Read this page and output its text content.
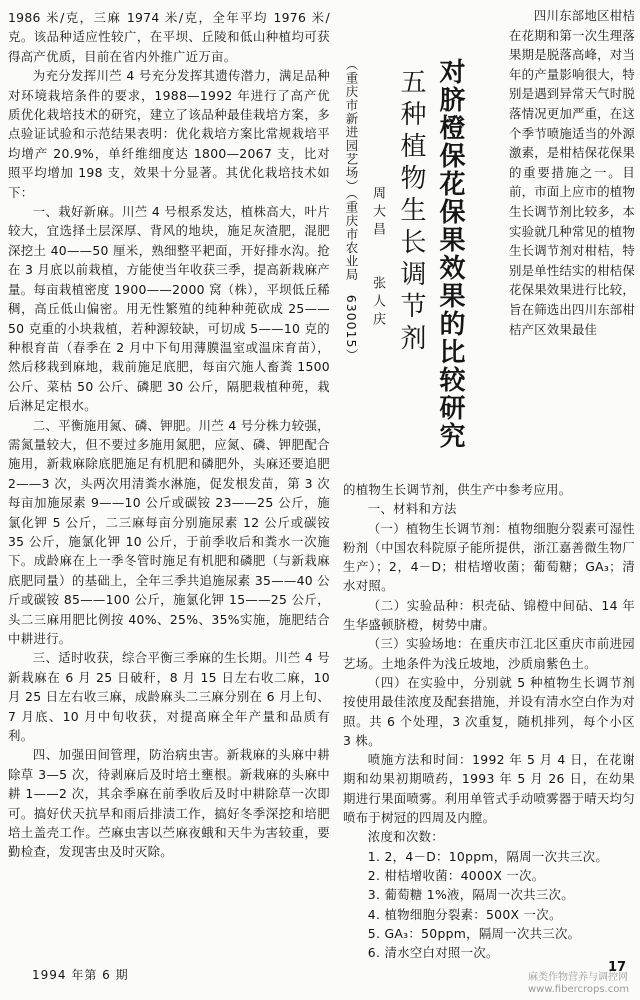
1986 米/克，三麻 1974 米/克，全年平均 1976 米/克。该品种适应性较广，在平坝、丘陵和低山种植均可获得高产优质，目前在省内外推广近万亩。

为充分发挥川苎 4 号充分发挥其遗传潜力，满足品种对环境栽培条件的要求，1988—1992 年进行了高产优质优化栽培技术的研究，建立了该品种最佳栽培方案，多点验证试验和示范结果表明：优化栽培方案比常规栽培平均增产 20.9%，单纤维细度达 1800—2067 支，比对照平均增加 198 支，效果十分显著。其优化栽培技术如下：

一、栽好新麻。川苎 4 号根系发达，植株高大，叶片较大，宜选择土层深厚、背风的地块，施足灰渣肥，混肥深挖土 40——50 厘米，熟细整平耙面，开好排水沟。抢在 3 月底以前栽植，方能使当年收获三季，提高新栽麻产量。每亩栽植密度 1900——2000 窝（株），平坝低丘稀稠，高丘低山偏密。用无性繁殖的纯种种蔸砍成 25——50 克重的小块栽植，若种源较缺，可切成 5——10 克的种根育苗（春季在 2 月中下旬用薄膜温室或温床育苗），然后移栽到麻地，栽前施足底肥，每亩穴施人畜粪 1500 公斤、菜枯 50 公斤、磷肥 30 公斤，隔肥栽植种蔸，栽后淋足定根水。

二、平衡施用氮、磷、钾肥。川苎 4 号分株力较强，需氮量较大，但不要过多施用氮肥，应氮、磷、钾肥配合施用，新栽麻除底肥施足有机肥和磷肥外，头麻还要追肥 2——3 次，头两次用清粪水淋施，促发根发苗，第 3 次每亩加施尿素 9——10 公斤或碳铵 23——25 公斤，施氯化钾 5 公斤，二三麻每亩分别施尿素 12 公斤或碳铵 35 公斤，施氯化钾 10 公斤，于前季收后和粪水一次施下。成龄麻在上一季冬管时施足有机肥和磷肥（与新栽麻底肥同量）的基础上，全年三季共追施尿素 35——40 公斤或碳铵 85——100 公斤，施氯化钾 15——25 公斤，头二三麻用肥比例按 40%、25%、35%实施，施肥结合中耕进行。

三、适时收获，综合平衡三季麻的生长期。川苎 4 号新栽麻在 6 月 25 日破秆，8 月 15 日左右收二麻，10 月 25 日左右收三麻，成龄麻头二三麻分别在 6 月上旬、7 月底、10 月中旬收获，对提高麻全年产量和品质有利。

四、加强田间管理，防治病虫害。新栽麻的头麻中耕除草 3—5 次，待剥麻后及时培土壅根。新栽麻的头麻中耕 1——2 次，其余季麻在前季收后及时中耕除草一次即可。搞好伏天抗旱和雨后排渍工作，搞好冬季深挖和培肥培土盖壳工作。苎麻虫害以苎麻夜蛾和天牛为害较重，要勤检查，发现害虫及时灭除。

对脐橙保花保果效果的比较研究

五种植物生长调节剂

周大昌　　张人庆

（重庆市新进园艺场）（重庆市农业局　630015）

四川东部地区柑桔在花期和第一次生理落果期是脱落高峰，对当年的产量影响很大，特别是遇到异常天气时脱落情况更加严重，在这个季节喷施适当的外源激素，是柑桔保花保果的重要措施之一。目前，市面上应市的植物生长调节剂比较多，本实验就几种常见的植物生长调节剂对柑桔，特别是单性结实的柑桔保花保果效果进行比较，旨在筛选出四川东部柑桔产区效果最佳

的植物生长调节剂，供生产中参考应用。

一、材料和方法

（一）植物生长调节剂：植物细胞分裂素可湿性粉剂（中国农科院原子能所提供，浙江嘉善微生物厂生产）；2，4－D；柑桔增收菌；葡萄糖；GA₃；清水对照。

（二）实验品种：枳壳砧、锦橙中间砧、14 年生华盛顿脐橙，树势中庸。

（三）实验场地：在重庆市江北区重庆市前进园艺场。土地条件为浅丘坡地，沙质扇紫色土。

（四）在实验中，分别就 5 种植物生长调节剂按使用最佳浓度及配套措施，并设有清水空白作为对照。共 6 个处理，3 次重复，随机排列，每个小区 3 株。

喷施方法和时间：1992 年 5 月 4 日，在花谢期和幼果初期喷药，1993 年 5 月 26 日，在幼果期进行果面喷雾。利用单管式手动喷雾器于晴天均匀喷布于树冠的四周及内膛。

浓度和次数：

1. 2，4－D：10ppm，隔周一次共三次。

2. 柑桔增收菌：4000X 一次。

3. 葡萄糖 1%液，隔周一次共三次。

4. 植物细胞分裂素：500X 一次。

5. GA₃：50ppm，隔周一次共三次。

6. 清水空白对照一次。

1994 年第 6 期	17
麻类作物营养与调控网
www.fibercrops.com
